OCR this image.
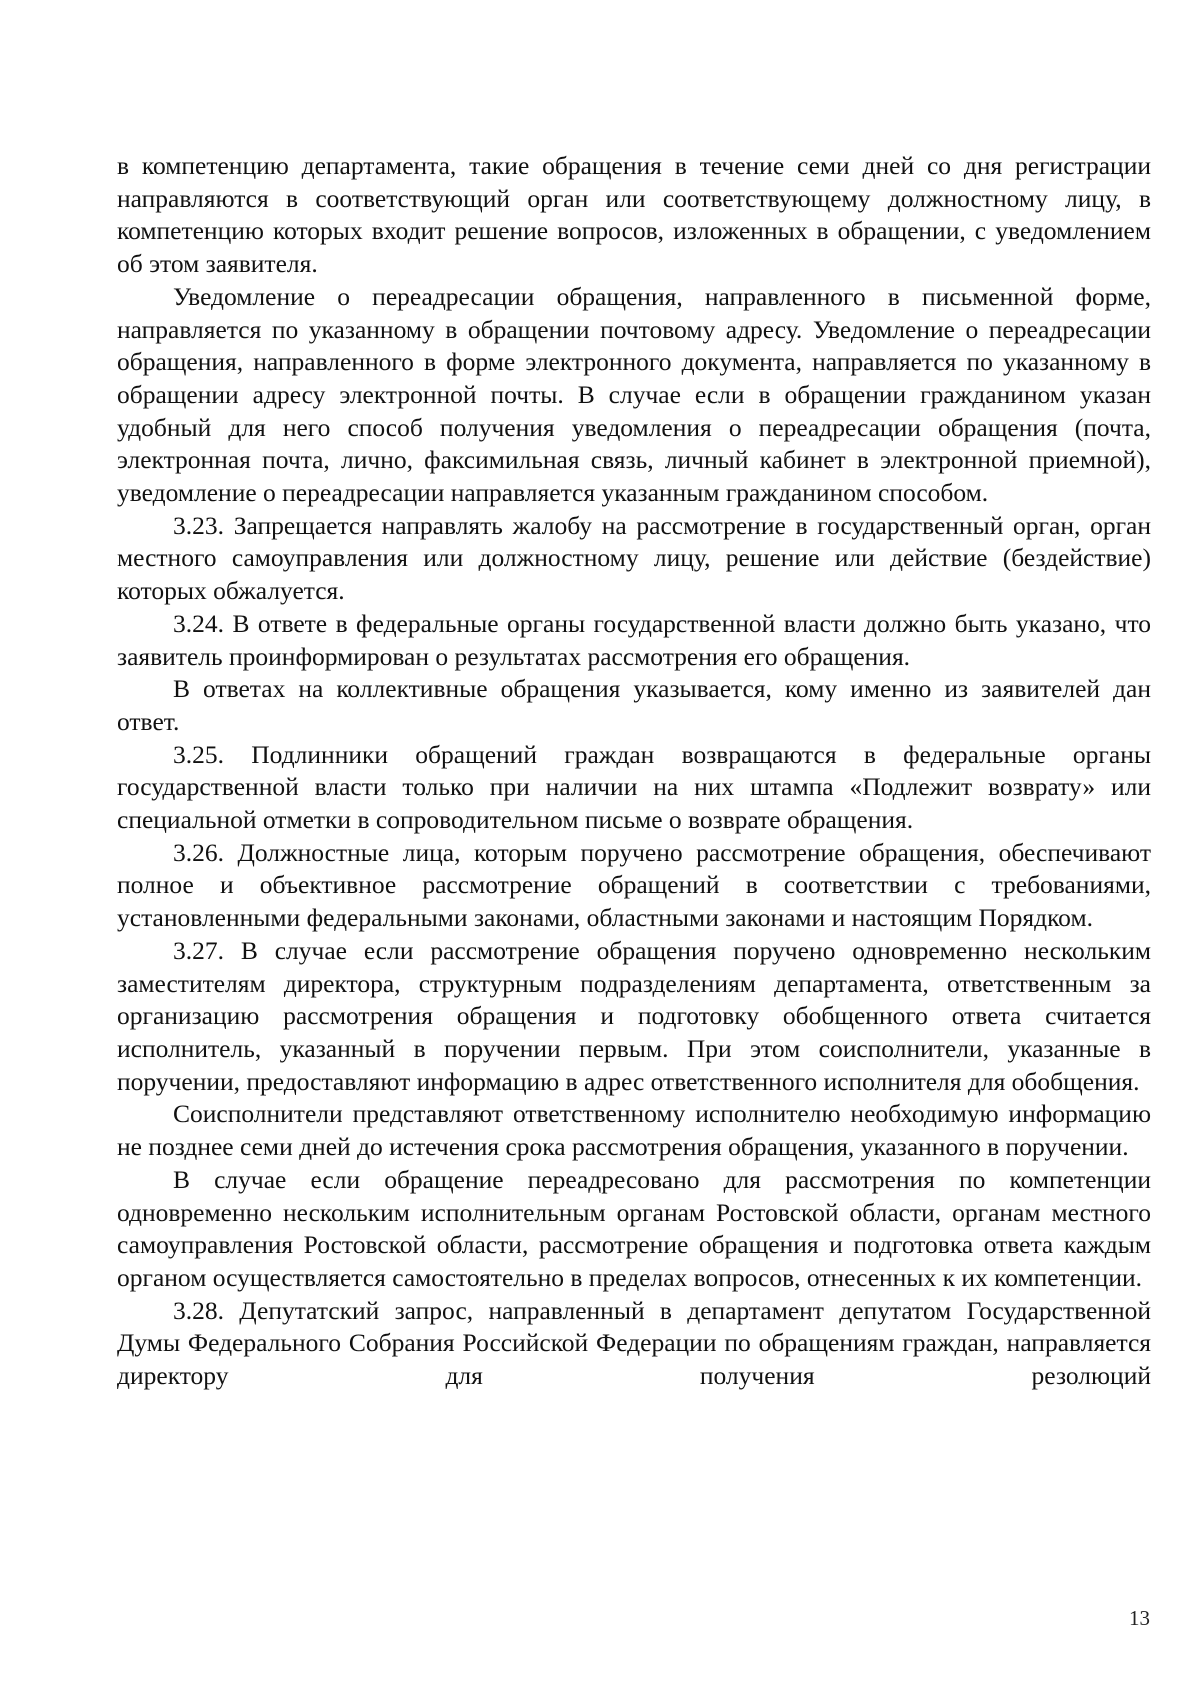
в компетенцию департамента, такие обращения в течение семи дней со дня регистрации направляются в соответствующий орган или соответствующему должностному лицу, в компетенцию которых входит решение вопросов, изложенных в обращении, с уведомлением об этом заявителя.

Уведомление о переадресации обращения, направленного в письменной форме, направляется по указанному в обращении почтовому адресу. Уведомление о переадресации обращения, направленного в форме электронного документа, направляется по указанному в обращении адресу электронной почты. В случае если в обращении гражданином указан удобный для него способ получения уведомления о переадресации обращения (почта, электронная почта, лично, факсимильная связь, личный кабинет в электронной приемной), уведомление о переадресации направляется указанным гражданином способом.

3.23. Запрещается направлять жалобу на рассмотрение в государственный орган, орган местного самоуправления или должностному лицу, решение или действие (бездействие) которых обжалуется.

3.24. В ответе в федеральные органы государственной власти должно быть указано, что заявитель проинформирован о результатах рассмотрения его обращения.

В ответах на коллективные обращения указывается, кому именно из заявителей дан ответ.

3.25. Подлинники обращений граждан возвращаются в федеральные органы государственной власти только при наличии на них штампа «Подлежит возврату» или специальной отметки в сопроводительном письме о возврате обращения.

3.26. Должностные лица, которым поручено рассмотрение обращения, обеспечивают полное и объективное рассмотрение обращений в соответствии с требованиями, установленными федеральными законами, областными законами и настоящим Порядком.

3.27. В случае если рассмотрение обращения поручено одновременно нескольким заместителям директора, структурным подразделениям департамента, ответственным за организацию рассмотрения обращения и подготовку обобщенного ответа считается исполнитель, указанный в поручении первым. При этом соисполнители, указанные в поручении, предоставляют информацию в адрес ответственного исполнителя для обобщения.

Соисполнители представляют ответственному исполнителю необходимую информацию не позднее семи дней до истечения срока рассмотрения обращения, указанного в поручении.

В случае если обращение переадресовано для рассмотрения по компетенции одновременно нескольким исполнительным органам Ростовской области, органам местного самоуправления Ростовской области, рассмотрение обращения и подготовка ответа каждым органом осуществляется самостоятельно в пределах вопросов, отнесенных к их компетенции.

3.28. Депутатский запрос, направленный в департамент депутатом Государственной Думы Федерального Собрания Российской Федерации по обращениям граждан, направляется директору для получения резолюций

13
